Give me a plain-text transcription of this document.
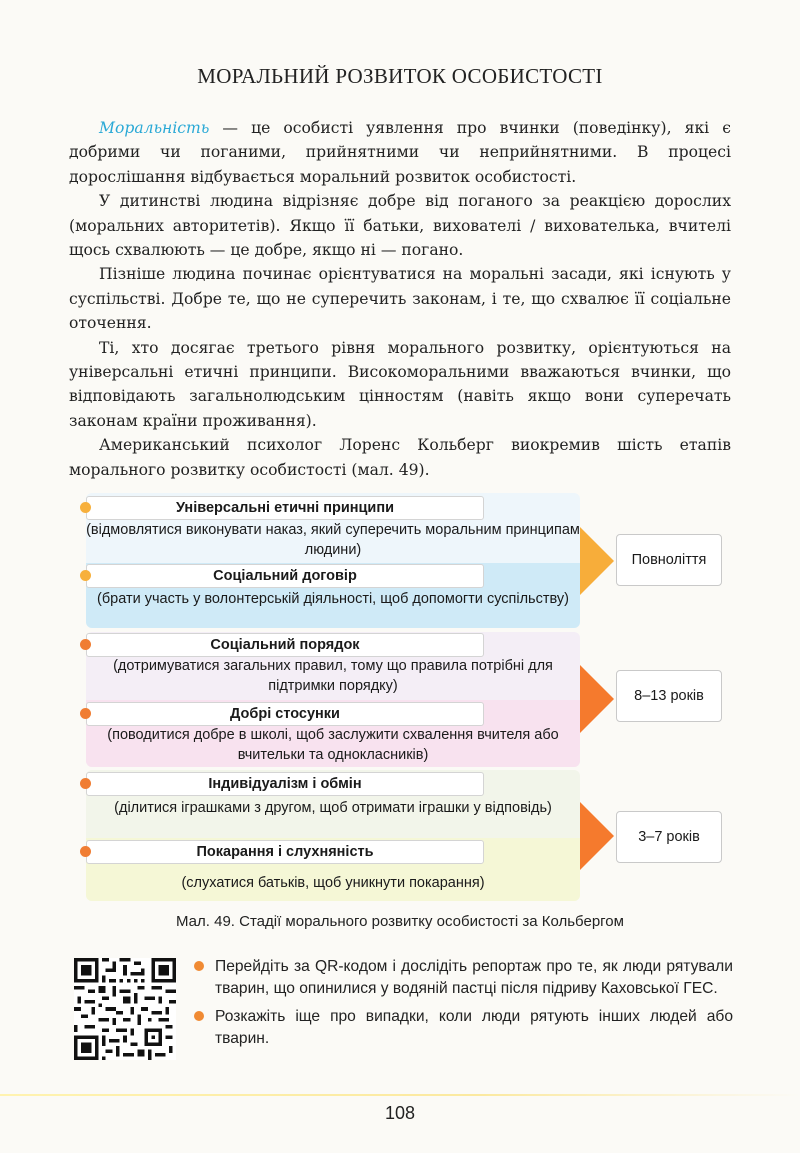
МОРАЛЬНИЙ РОЗВИТОК ОСОБИСТОСТІ

Моральність — це особисті уявлення про вчинки (поведінку), які є добрими чи поганими, прийнятними чи неприйнятними. В процесі дорослішання відбувається моральний розвиток особистості.

У дитинстві людина відрізняє добре від поганого за реакцією дорослих (моральних авторитетів). Якщо її батьки, вихователі / вихователька, вчителі щось схвалюють — це добре, якщо ні — погано.

Пізніше людина починає орієнтуватися на моральні засади, які існують у суспільстві. Добре те, що не суперечить законам, і те, що схвалює її соціальне оточення.

Ті, хто досягає третього рівня морального розвитку, орієнтуються на універсальні етичні принципи. Високоморальними вважаються вчинки, що відповідають загальнолюдським цінностям (навіть якщо вони суперечать законам країни проживання).

Американський психолог Лоренс Кольберг виокремив шість етапів морального розвитку особистості (мал. 49).

Універсальні етичні принципи
(відмовлятися виконувати наказ, який суперечить моральним принципам людини)
Соціальний договір
(брати участь у волонтерській діяльності, щоб допомогти суспільству)
Соціальний порядок
(дотримуватися загальних правил, тому що правила потрібні для підтримки порядку)
Добрі стосунки
(поводитися добре в школі, щоб заслужити схвалення вчителя або вчительки та однокласників)
Індивідуалізм і обмін
(ділитися іграшками з другом, щоб отримати іграшки у відповідь)
Покарання і слухняність
(слухатися батьків, щоб уникнути покарання)
Повноліття
8–13 років
3–7 років
Мал. 49. Стадії морального розвитку особистості за Кольбергом
Перейдіть за QR-кодом і дослідіть репортаж про те, як люди рятували тварин, що опинилися у водяній пастці після підриву Каховської ГЕС.
Розкажіть іще про випадки, коли люди рятують інших людей або тварин.
108
